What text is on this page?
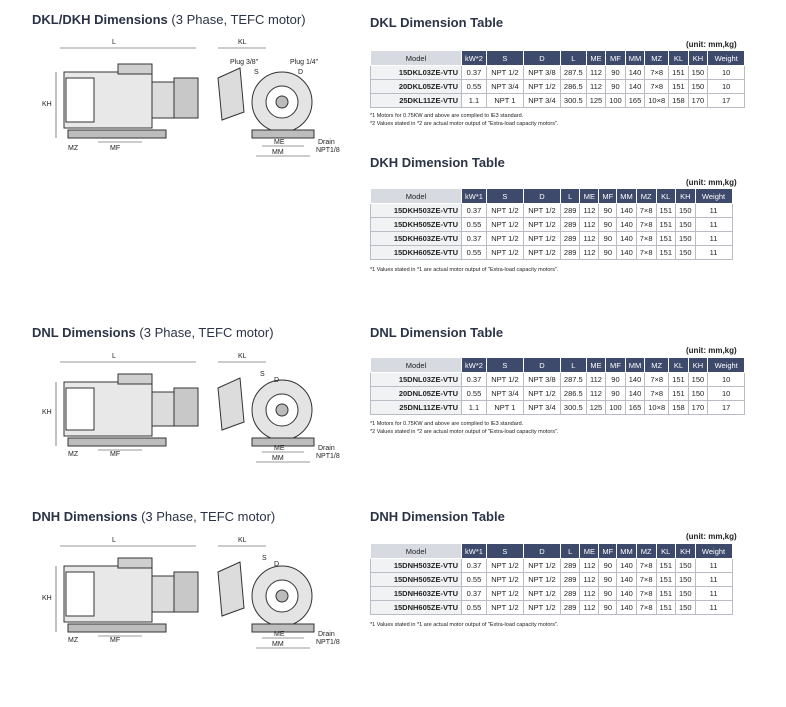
DKL/DKH Dimensions (3 Phase, TEFC motor)
L
KH
MZ	MF
KL
Plug 3/8"	Plug 1/4"
S	D
ME
MM
Drain
NPT1/8
DKL Dimension Table
(unit: mm,kg)
Model	kW*2	S	D	L	ME	MF	MM	MZ	KL	KH	Weight
15DKL03ZE-VTU	0.37	NPT 1/2	NPT 3/8	287.5	112	90	140	7×8	151	150	10
20DKL05ZE-VTU	0.55	NPT 3/4	NPT 1/2	286.5	112	90	140	7×8	151	150	10
25DKL11ZE-VTU	1.1	NPT 1	NPT 3/4	300.5	125	100	165	10×8	158	170	17
*1 Motors for 0.75KW and above are complied to IE3 standard.
*2 Values stated in *2 are actual motor output of "Extra-load capacity motors".
DKH Dimension Table
(unit: mm,kg)
Model	kW*1	S	D	L	ME	MF	MM	MZ	KL	KH	Weight
15DKH503ZE-VTU	0.37	NPT 1/2	NPT 1/2	289	112	90	140	7×8	151	150	11
15DKH505ZE-VTU	0.55	NPT 1/2	NPT 1/2	289	112	90	140	7×8	151	150	11
15DKH603ZE-VTU	0.37	NPT 1/2	NPT 1/2	289	112	90	140	7×8	151	150	11
15DKH605ZE-VTU	0.55	NPT 1/2	NPT 1/2	289	112	90	140	7×8	151	150	11
*1 Values stated in *1 are actual motor output of "Extra-load capacity motors".
DNL Dimensions (3 Phase, TEFC motor)
L
KH
MZ	MF
KL
S
D
ME
MM
Drain
NPT1/8
DNL Dimension Table
(unit: mm,kg)
Model	kW*2	S	D	L	ME	MF	MM	MZ	KL	KH	Weight
15DNL03ZE-VTU	0.37	NPT 1/2	NPT 3/8	287.5	112	90	140	7×8	151	150	10
20DNL05ZE-VTU	0.55	NPT 3/4	NPT 1/2	286.5	112	90	140	7×8	151	150	10
25DNL11ZE-VTU	1.1	NPT 1	NPT 3/4	300.5	125	100	165	10×8	158	170	17
*1 Motors for 0.75KW and above are complied to IE3 standard.
*2 Values stated in *2 are actual motor output of "Extra-load capacity motors".
DNH Dimensions (3 Phase, TEFC motor)
L
KH
MZ	MF
KL
S
D
ME
MM
Drain
NPT1/8
DNH Dimension Table
(unit: mm,kg)
Model	kW*1	S	D	L	ME	MF	MM	MZ	KL	KH	Weight
15DNH503ZE-VTU	0.37	NPT 1/2	NPT 1/2	289	112	90	140	7×8	151	150	11
15DNH505ZE-VTU	0.55	NPT 1/2	NPT 1/2	289	112	90	140	7×8	151	150	11
15DNH603ZE-VTU	0.37	NPT 1/2	NPT 1/2	289	112	90	140	7×8	151	150	11
15DNH605ZE-VTU	0.55	NPT 1/2	NPT 1/2	289	112	90	140	7×8	151	150	11
*1 Values stated in *1 are actual motor output of "Extra-load capacity motors".
